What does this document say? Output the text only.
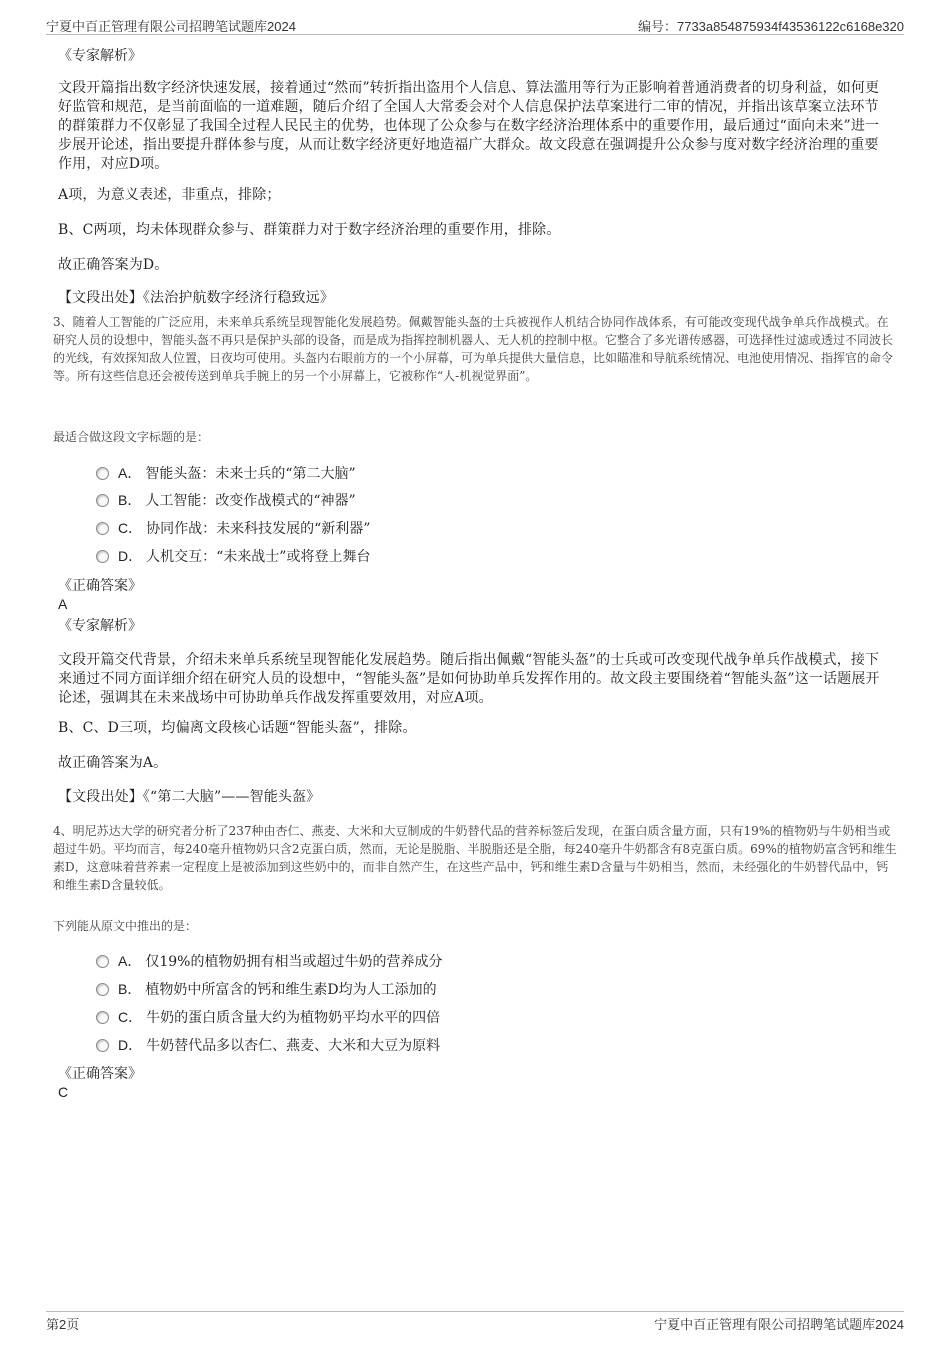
宁夏中百正管理有限公司招聘笔试题库2024	编号：7733a854875934f43536122c6168e320
《专家解析》
文段开篇指出数字经济快速发展，接着通过“然而”转折指出盗用个人信息、算法滥用等行为正影响着普通消费者的切身利益，如何更好监管和规范，是当前面临的一道难题，随后介绍了全国人大常委会对个人信息保护法草案进行二审的情况，并指出该草案立法环节的群策群力不仅彰显了我国全过程人民民主的优势，也体现了公众参与在数字经济治理体系中的重要作用，最后通过“面向未来”进一步展开论述，指出要提升群体参与度，从而让数字经济更好地造福广大群众。故文段意在强调提升公众参与度对数字经济治理的重要作用，对应D项。
A项，为意义表述，非重点，排除；
B、C两项，均未体现群众参与、群策群力对于数字经济治理的重要作用，排除。
故正确答案为D。
【文段出处】《法治护航数字经济行稳致远》
3、随着人工智能的广泛应用，未来单兵系统呈现智能化发展趋势。佩戴智能头盔的士兵被视作人机结合协同作战体系，有可能改变现代战争单兵作战模式。在研究人员的设想中，智能头盔不再只是保护头部的设备，而是成为指挥控制机器人、无人机的控制中枢。它整合了多光谱传感器，可选择性过滤或透过不同波长的光线，有效探知敌人位置，日夜均可使用。头盔内右眼前方的一个小屏幕，可为单兵提供大量信息，比如瞄准和导航系统情况、电池使用情况、指挥官的命令等。所有这些信息还会被传送到单兵手腕上的另一个小屏幕上，它被称作“人-机视觉界面”。
最适合做这段文字标题的是：
A． 智能头盔：未来士兵的“第二大脑”
B． 人工智能：改变作战模式的“神器”
C． 协同作战：未来科技发展的“新利器”
D． 人机交互：“未来战士”或将登上舞台
《正确答案》
A
《专家解析》
文段开篇交代背景，介绍未来单兵系统呈现智能化发展趋势。随后指出佩戴“智能头盔”的士兵或可改变现代战争单兵作战模式，接下来通过不同方面详细介绍在研究人员的设想中，“智能头盔”是如何协助单兵发挥作用的。故文段主要围绕着“智能头盔”这一话题展开论述，强调其在未来战场中可协助单兵作战发挥重要效用，对应A项。
B、C、D三项，均偏离文段核心话题“智能头盔”，排除。
故正确答案为A。
【文段出处】《“第二大脑”——智能头盔》
4、明尼苏达大学的研究者分析了237种由杏仁、燕麦、大米和大豆制成的牛奶替代品的营养标签后发现，在蛋白质含量方面，只有19%的植物奶与牛奶相当或超过牛奶。平均而言，每240毫升植物奶只含2克蛋白质，然而，无论是脱脂、半脱脂还是全脂，每240毫升牛奶都含有8克蛋白质。69%的植物奶富含钙和维生素D，这意味着营养素一定程度上是被添加到这些奶中的，而非自然产生，在这些产品中，钙和维生素D含量与牛奶相当，然而，未经强化的牛奶替代品中，钙和维生素D含量较低。
下列能从原文中推出的是：
A． 仅19%的植物奶拥有相当或超过牛奶的营养成分
B． 植物奶中所富含的钙和维生素D均为人工添加的
C． 牛奶的蛋白质含量大约为植物奶平均水平的四倍
D． 牛奶替代品多以杏仁、燕麦、大米和大豆为原料
《正确答案》
C
第2页	宁夏中百正管理有限公司招聘笔试题库2024
